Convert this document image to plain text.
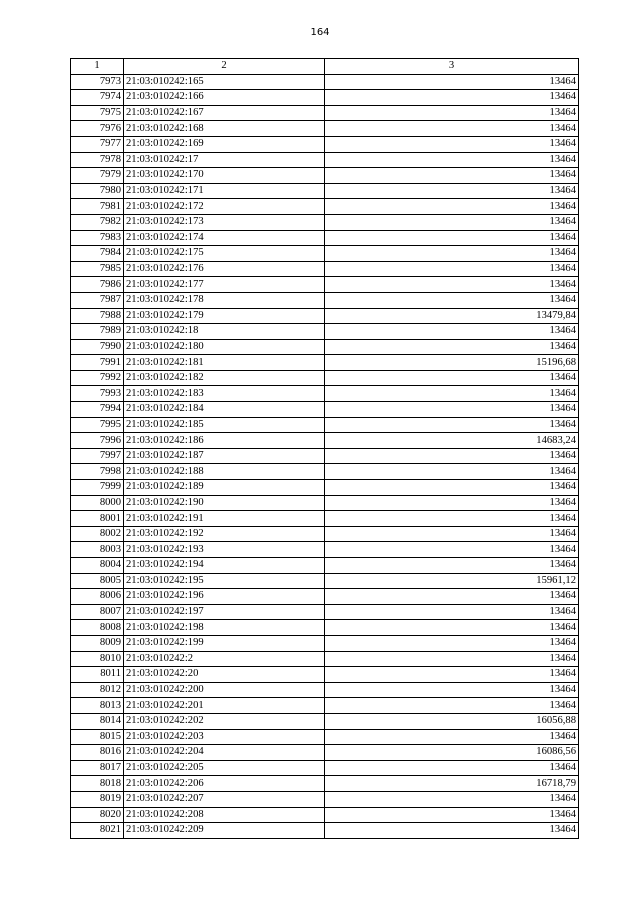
164
1	2	3
7973	21:03:010242:165	13464
7974	21:03:010242:166	13464
7975	21:03:010242:167	13464
7976	21:03:010242:168	13464
7977	21:03:010242:169	13464
7978	21:03:010242:17	13464
7979	21:03:010242:170	13464
7980	21:03:010242:171	13464
7981	21:03:010242:172	13464
7982	21:03:010242:173	13464
7983	21:03:010242:174	13464
7984	21:03:010242:175	13464
7985	21:03:010242:176	13464
7986	21:03:010242:177	13464
7987	21:03:010242:178	13464
7988	21:03:010242:179	13479,84
7989	21:03:010242:18	13464
7990	21:03:010242:180	13464
7991	21:03:010242:181	15196,68
7992	21:03:010242:182	13464
7993	21:03:010242:183	13464
7994	21:03:010242:184	13464
7995	21:03:010242:185	13464
7996	21:03:010242:186	14683,24
7997	21:03:010242:187	13464
7998	21:03:010242:188	13464
7999	21:03:010242:189	13464
8000	21:03:010242:190	13464
8001	21:03:010242:191	13464
8002	21:03:010242:192	13464
8003	21:03:010242:193	13464
8004	21:03:010242:194	13464
8005	21:03:010242:195	15961,12
8006	21:03:010242:196	13464
8007	21:03:010242:197	13464
8008	21:03:010242:198	13464
8009	21:03:010242:199	13464
8010	21:03:010242:2	13464
8011	21:03:010242:20	13464
8012	21:03:010242:200	13464
8013	21:03:010242:201	13464
8014	21:03:010242:202	16056,88
8015	21:03:010242:203	13464
8016	21:03:010242:204	16086,56
8017	21:03:010242:205	13464
8018	21:03:010242:206	16718,79
8019	21:03:010242:207	13464
8020	21:03:010242:208	13464
8021	21:03:010242:209	13464
